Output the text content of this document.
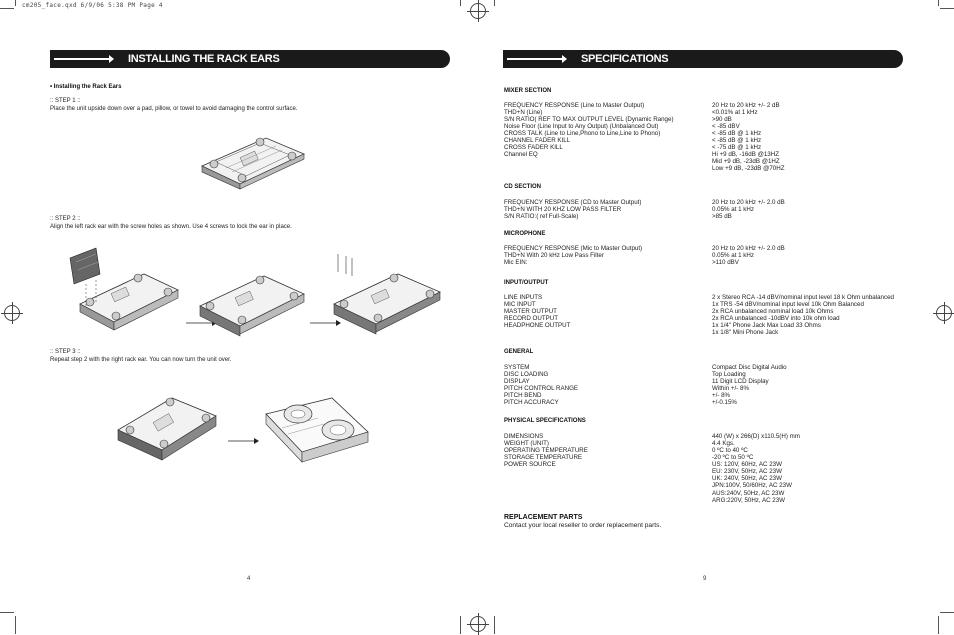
cm205_face.qxd 6/9/06 5:38 PM Page 4
INSTALLING THE RACK EARS
• Installing the Rack Ears
:: STEP 1 ::
Place the unit upside down over a pad, pillow, or towel to avoid damaging the control surface.
:: STEP 2 ::
Align the left rack ear with the screw holes as shown. Use 4 screws to lock the ear in place.
:: STEP 3 ::
Repeat step 2 with the right rack ear. You can now turn the unit over.
4
SPECIFICATIONS
MIXER SECTION
FREQUENCY RESPONSE (Line to Master Output)	20 Hz to 20 kHz +/- 2 dB
THD+N (Line)	<0.01% at 1 kHz
S/N RATIO( REF TO MAX OUTPUT LEVEL (Dynamic Range)	>90 dB
Noise Floor (Line Input to Any Output) (Unbalanced Out)	< -85 dBV
CROSS TALK (Line to Line,Phono to Line,Line to Phono)	< -85 dB @ 1 kHz
CHANNEL FADER KILL	< -85 dB @ 1 kHz
CROSS FADER KILL	< -75 dB @ 1 kHz
Channel EQ	Hi +9 dB, -16dB @13HZ
Mid +9 dB, -23dB @1HZ
Low +9 dB, -23dB @70HZ
CD SECTION
FREQUENCY RESPONSE (CD to Master Output)	20 Hz to 20 kHz +/- 2.0 dB
THD+N WITH 20 KHZ LOW PASS FILTER	0.05% at 1 kHz
S/N RATIO:( ref Full-Scale)	>85 dB
MICROPHONE
FREQUENCY RESPONSE (Mic to Master Output)	20 Hz to 20 kHz +/- 2.0 dB
THD+N With 20 kHz Low Pass Filter	0.05% at 1 kHz
Mic EIN:	>110 dBV
INPUT/OUTPUT
LINE INPUTS	2 x Stereo RCA -14 dBV/nominal input level 18 k Ohm unbalanced
MIC INPUT	1x TRS -54 dBV/nominal input level 10k Ohm Balanced
MASTER OUTPUT	2x RCA unbalanced nominal load 10k Ohms
RECORD OUTPUT	2x RCA unbalanced -10dBV into 10k ohm load
HEADPHONE OUTPUT	1x 1/4" Phone Jack Max Load 33 Ohms
1x 1/8" Mini Phone Jack
GENERAL
SYSTEM	Compact Disc Digital Audio
DISC LOADING	Top Loading
DISPLAY	11 Digit LCD Display
PITCH CONTROL RANGE	Within +/- 8%
PITCH BEND	+/- 8%
PITCH ACCURACY	+/-0.15%
PHYSICAL SPECIFICATIONS
DIMENSIONS	440 (W) x 266(D) x110.5(H) mm
WEIGHT (UNIT)	4.4 Kgs.
OPERATING TEMPERATURE	0 ºC to 40 ºC
STORAGE TEMPERATURE	-20 ºC to 50 ºC
POWER SOURCE	US: 120V, 60Hz, AC 23W
EU: 230V, 50Hz, AC 23W
UK: 240V, 50Hz, AC 23W
JPN:100V, 50/60Hz, AC 23W
AUS:240V, 50Hz, AC 23W
ARG:220V, 50Hz, AC 23W
REPLACEMENT PARTS
Contact your local reseller to order replacement parts.
9
